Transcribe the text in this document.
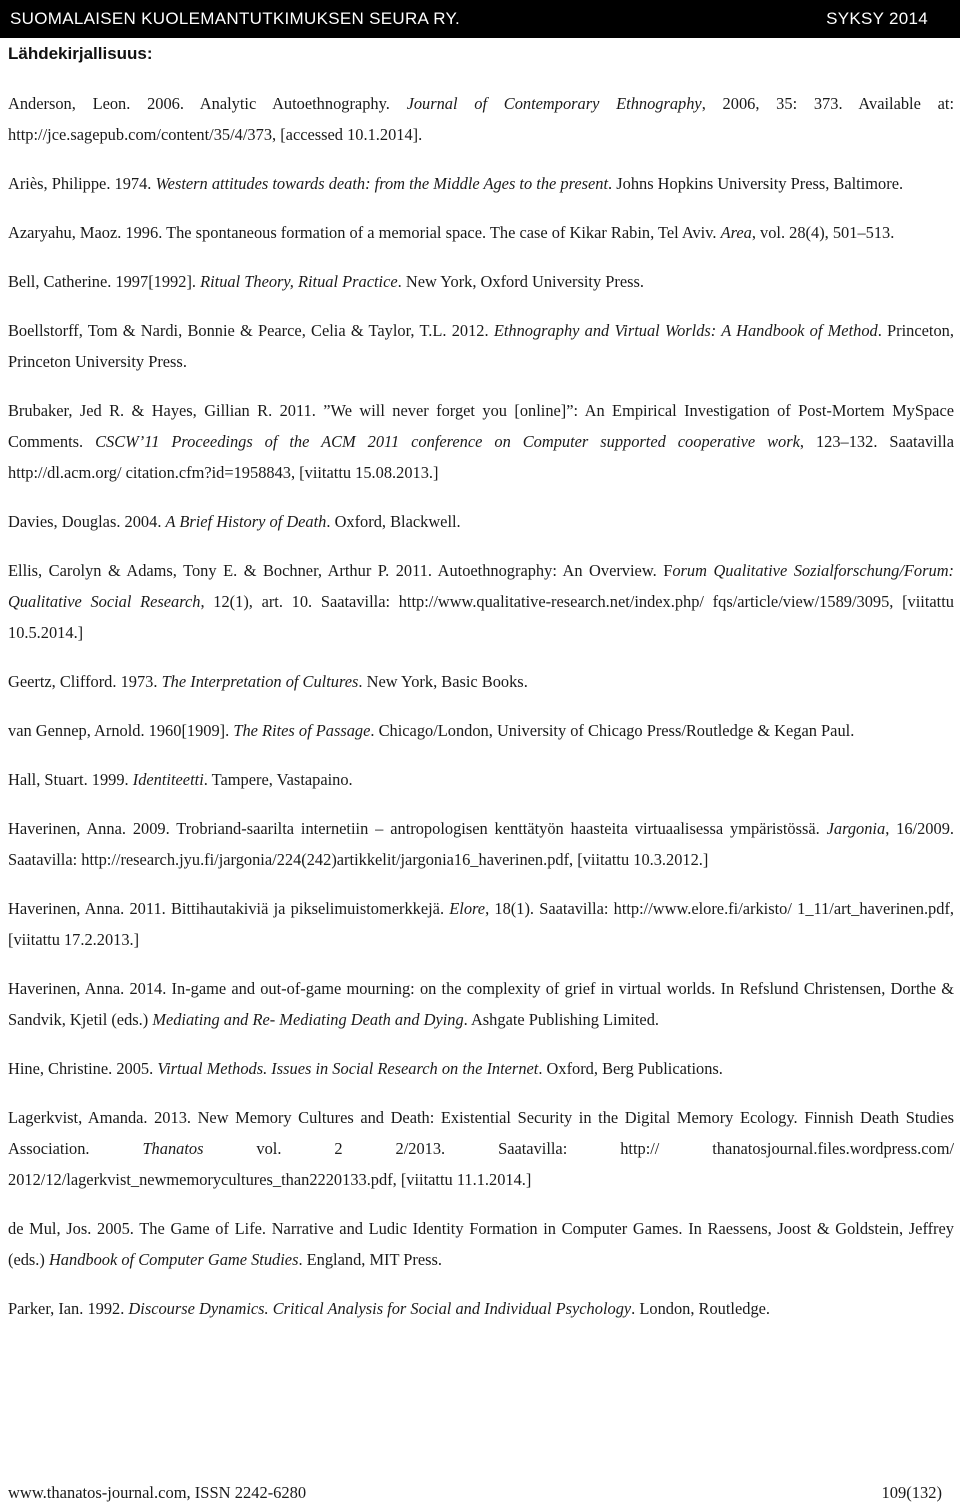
SUOMALAISEN KUOLEMANTUTKIMUKSEN SEURA RY.	SYKSY 2014
Lähdekirjallisuus:

Anderson, Leon. 2006. Analytic Autoethnography. Journal of Contemporary Ethnography, 2006, 35: 373. Available at: http://jce.sagepub.com/content/35/4/373, [accessed 10.1.2014].

Ariès, Philippe. 1974. Western attitudes towards death: from the Middle Ages to the present. Johns Hopkins University Press, Baltimore.

Azaryahu, Maoz. 1996. The spontaneous formation of a memorial space. The case of Kikar Rabin, Tel Aviv. Area, vol. 28(4), 501–513.

Bell, Catherine. 1997[1992]. Ritual Theory, Ritual Practice. New York, Oxford University Press.

Boellstorff, Tom & Nardi, Bonnie & Pearce, Celia & Taylor, T.L. 2012. Ethnography and Virtual Worlds: A Handbook of Method. Princeton, Princeton University Press.

Brubaker, Jed R. & Hayes, Gillian R. 2011. ”We will never forget you [online]”: An Empirical Investigation of Post-Mortem MySpace Comments. CSCW’11 Proceedings of the ACM 2011 conference on Computer supported cooperative work, 123–132. Saatavilla http://dl.acm.org/ citation.cfm?id=1958843, [viitattu 15.08.2013.]

Davies, Douglas. 2004. A Brief History of Death. Oxford, Blackwell.

Ellis, Carolyn & Adams, Tony E. & Bochner, Arthur P. 2011. Autoethnography: An Overview. Forum Qualitative Sozialforschung/Forum: Qualitative Social Research, 12(1), art. 10. Saatavilla: http://www.qualitative-research.net/index.php/ fqs/article/view/1589/3095, [viitattu 10.5.2014.]

Geertz, Clifford. 1973. The Interpretation of Cultures. New York, Basic Books.

van Gennep, Arnold. 1960[1909]. The Rites of Passage. Chicago/London, University of Chicago Press/Routledge & Kegan Paul.

Hall, Stuart. 1999. Identiteetti. Tampere, Vastapaino.

Haverinen, Anna. 2009. Trobriand-saarilta internetiin – antropologisen kenttätyön haasteita virtuaalisessa ympäristössä. Jargonia, 16/2009. Saatavilla: http://research.jyu.fi/jargonia/224(242)artikkelit/jargonia16_haverinen.pdf, [viitattu 10.3.2012.]

Haverinen, Anna. 2011. Bittihautakiviä ja pikselimuistomerkkejä. Elore, 18(1). Saatavilla: http://www.elore.fi/arkisto/ 1_11/art_haverinen.pdf, [viitattu 17.2.2013.]

Haverinen, Anna. 2014. In-game and out-of-game mourning: on the complexity of grief in virtual worlds. In Refslund Christensen, Dorthe & Sandvik, Kjetil (eds.) Mediating and Re- Mediating Death and Dying. Ashgate Publishing Limited.

Hine, Christine. 2005. Virtual Methods. Issues in Social Research on the Internet. Oxford, Berg Publications.

Lagerkvist, Amanda. 2013. New Memory Cultures and Death: Existential Security in the Digital Memory Ecology. Finnish Death Studies Association. Thanatos vol. 2 2/2013. Saatavilla: http:// thanatosjournal.files.wordpress.com/ 2012/12/lagerkvist_newmemorycultures_than2220133.pdf, [viitattu 11.1.2014.]

de Mul, Jos. 2005. The Game of Life. Narrative and Ludic Identity Formation in Computer Games. In Raessens, Joost & Goldstein, Jeffrey (eds.) Handbook of Computer Game Studies. England, MIT Press.

Parker, Ian. 1992. Discourse Dynamics. Critical Analysis for Social and Individual Psychology. London, Routledge.

www.thanatos-journal.com, ISSN 2242-6280	109(132)
